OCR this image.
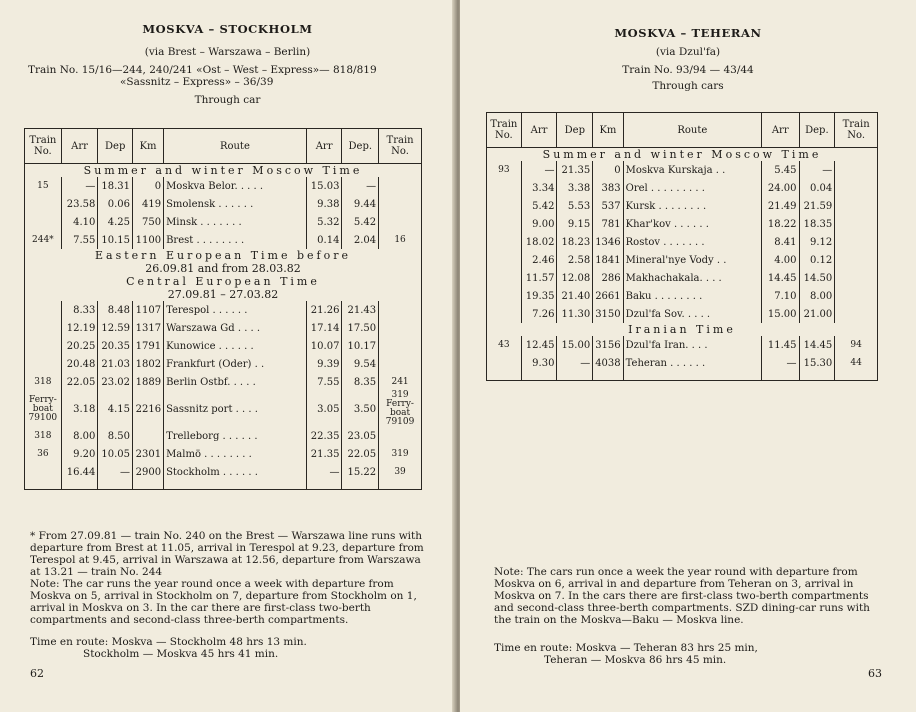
MOSKVA – STOCKHOLM
(via Brest – Warszawa – Berlin)
Train No. 15/16—244, 240/241 «Ost – West – Express»— 818/819
«Sassnitz – Express» – 36/39
Through car
Train No.	Arr	Dep	Km	Route	Arr	Dep.	Train No.

Summer and winter Moscow Time							

15	—	18.31	0	Moskva Belor. . . . .	15.03	—	
	23.58	0.06	419	Smolensk . . . . . .	9.38	9.44	
	4.10	4.25	750	Minsk . . . . . . .	5.32	5.42	
244*	7.55	10.15	1100	Brest . . . . . . . .	0.14	2.04	16

Eastern European Time before
26.09.81 and from 28.03.82							

Central European Time
27.09.81 – 27.03.82							

	8.33	8.48	1107	Terespol . . . . . .	21.26	21.43	
	12.19	12.59	1317	Warszawa Gd . . . .	17.14	17.50	
	20.25	20.35	1791	Kunowice . . . . . .	10.07	10.17	
	20.48	21.03	1802	Frankfurt (Oder) . .	9.39	9.54	
318	22.05	23.02	1889	Berlin Ostbf. . . . .	7.55	8.35	241
Ferry-boat 79100	3.18	4.15	2216	Sassnitz port . . . .	3.05	3.50	319 Ferry-boat 79109
318	8.00	8.50		Trelleborg . . . . . .	22.35	23.05	
36	9.20	10.05	2301	Malmö . . . . . . . .	21.35	22.05	319
	16.44	—	2900	Stockholm . . . . . .	—	15.22	39

* From 27.09.81 — train No. 240 on the Brest — Warszawa line runs with departure from Brest at 11.05, arrival in Terespol at 9.23, departure from Terespol at 9.45, arrival in Warszawa at 12.56, departure from Warszawa at 13.21 — train No. 244
Note: The car runs the year round once a week with departure from Moskva on 5, arrival in Stockholm on 7, departure from Stockholm on 1, arrival in Moskva on 3. In the car there are first-class two-berth compartments and second-class three-berth compartments.
Time en route: Moskva — Stockholm 48 hrs 13 min.
Stockholm — Moskva 45 hrs 41 min.
62
MOSKVA – TEHERAN
(via Dzul'fa)
Train No. 93/94 — 43/44
Through cars
Train No.	Arr	Dep	Km	Route	Arr	Dep.	Train No.

Summer and winter Moscow Time							

93	—	21.35	0	Moskva Kurskaja . .	5.45	—	
	3.34	3.38	383	Orel . . . . . . . . .	24.00	0.04	
	5.42	5.53	537	Kursk . . . . . . . .	21.49	21.59	
	9.00	9.15	781	Khar'kov . . . . . .	18.22	18.35	
	18.02	18.23	1346	Rostov . . . . . . .	8.41	9.12	
	2.46	2.58	1841	Mineral'nye Vody . .	4.00	0.12	
	11.57	12.08	286	Makhachakala. . . .	14.45	14.50	
	19.35	21.40	2661	Baku . . . . . . . .	7.10	8.00	
	7.26	11.30	3150	Dzul'fa Sov. . . . .	15.00	21.00	

Iranian Time							

43	12.45	15.00	3156	Dzul'fa Iran. . . .	11.45	14.45	94
	9.30	—	4038	Teheran . . . . . .	—	15.30	44

Note: The cars run once a week the year round with departure from Moskva on 6, arrival in and departure from Teheran on 3, arrival in Moskva on 7. In the cars there are first-class two-berth compartments and second-class three-berth compartments. SZD dining-car runs with the train on the Moskva—Baku — Moskva line.
Time en route: Moskva — Teheran 83 hrs 25 min,
Teheran — Moskva 86 hrs 45 min.
63
